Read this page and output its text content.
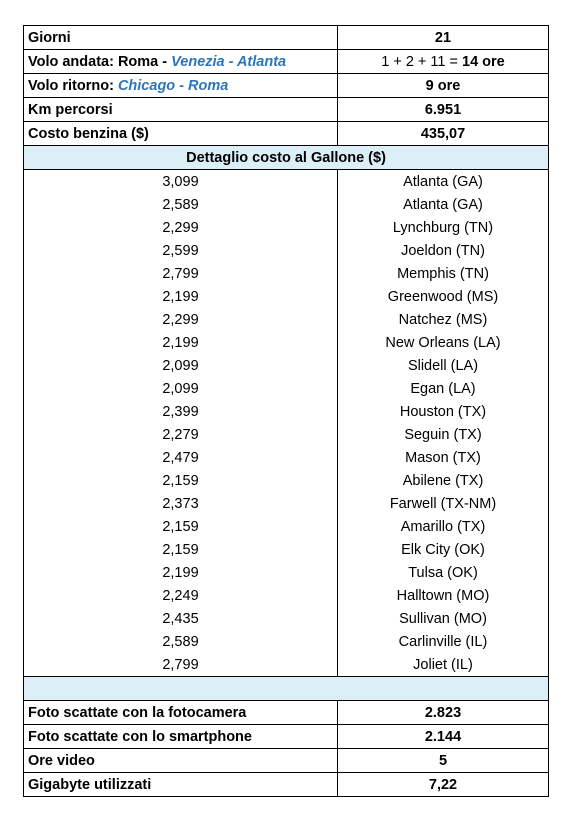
Giorni	21
Volo andata: Roma - Venezia - Atlanta	1 + 2 + 11 = 14 ore
Volo ritorno: Chicago - Roma	9 ore
Km percorsi	6.951
Costo benzina ($)	435,07
Dettaglio costo al Gallone ($)	
3,099	Atlanta (GA)
2,589	Atlanta (GA)
2,299	Lynchburg (TN)
2,599	Joeldon (TN)
2,799	Memphis (TN)
2,199	Greenwood (MS)
2,299	Natchez (MS)
2,199	New Orleans (LA)
2,099	Slidell (LA)
2,099	Egan (LA)
2,399	Houston (TX)
2,279	Seguin (TX)
2,479	Mason (TX)
2,159	Abilene (TX)
2,373	Farwell (TX-NM)
2,159	Amarillo (TX)
2,159	Elk City (OK)
2,199	Tulsa (OK)
2,249	Halltown (MO)
2,435	Sullivan (MO)
2,589	Carlinville (IL)
2,799	Joliet (IL)

Foto scattate con la fotocamera	2.823
Foto scattate con lo smartphone	2.144
Ore video	5
Gigabyte utilizzati	7,22
